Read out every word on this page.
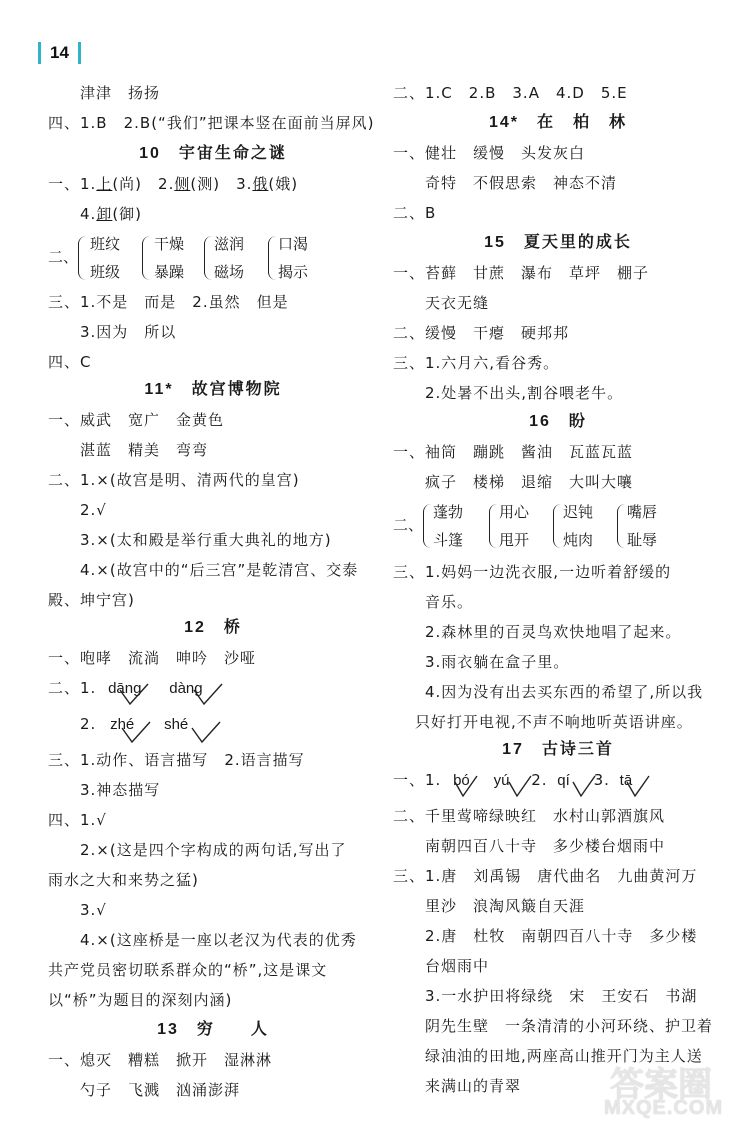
14
津津　扬扬
四、1.B　2.B(“我们”把课本竖在面前当屏风)
10　宇宙生命之谜
一、1.上(尚)　2.侧(测)　3.俄(娥)
4.卸(御)
二、
班纹
班级
干燥
暴躁
滋润
磁场
口渴
揭示
三、1.不是　而是　2.虽然　但是
3.因为　所以
四、C
11*　故宫博物院
一、威武　宽广　金黄色
湛蓝　精美　弯弯
二、1.×(故宫是明、清两代的皇宫)
2.√
3.×(太和殿是举行重大典礼的地方)
4.×(故宫中的“后三宫”是乾清宫、交泰
殿、坤宁宫)
12　桥
一、咆哮　流淌　呻吟　沙哑
二、1. dāng dàng
2. zhé shé
三、1.动作、语言描写　2.语言描写
3.神态描写
四、1.√
2.×(这是四个字构成的两句话,写出了
雨水之大和来势之猛)
3.√
4.×(这座桥是一座以老汉为代表的优秀
共产党员密切联系群众的“桥”,这是课文
以“桥”为题目的深刻内涵)
13　穷　　人
一、熄灭　糟糕　掀开　湿淋淋
勺子　飞溅　汹涌澎湃
二、1.C　2.B　3.A　4.D　5.E
14*　在　柏　林
一、健壮　缓慢　头发灰白
奇特　不假思索　神态不清
二、B
15　夏天里的成长
一、苔藓　甘蔗　瀑布　草坪　棚子
天衣无缝
二、缓慢　干瘪　硬邦邦
三、1.六月六,看谷秀。
2.处暑不出头,割谷喂老牛。
16　盼
一、袖筒　蹦跳　酱油　瓦蓝瓦蓝
疯子　楼梯　退缩　大叫大嚷
二、
蓬勃
斗篷
用心
甩开
迟钝
炖肉
嘴唇
耻辱
三、1.妈妈一边洗衣服,一边听着舒缓的
音乐。
2.森林里的百灵鸟欢快地唱了起来。
3.雨衣躺在盒子里。
4.因为没有出去买东西的希望了,所以我
只好打开电视,不声不响地听英语讲座。
17　古诗三首
一、1. bó yú 2. qí 3. tā
二、千里莺啼绿映红　水村山郭酒旗风
南朝四百八十寺　多少楼台烟雨中
三、1.唐　刘禹锡　唐代曲名　九曲黄河万
里沙　浪淘风簸自天涯
2.唐　杜牧　南朝四百八十寺　多少楼
台烟雨中
3.一水护田将绿绕　宋　王安石　书湖
阴先生壁　一条清清的小河环绕、护卫着
绿油油的田地,两座高山推开门为主人送
来满山的青翠	答案圈
MXQE.COM
